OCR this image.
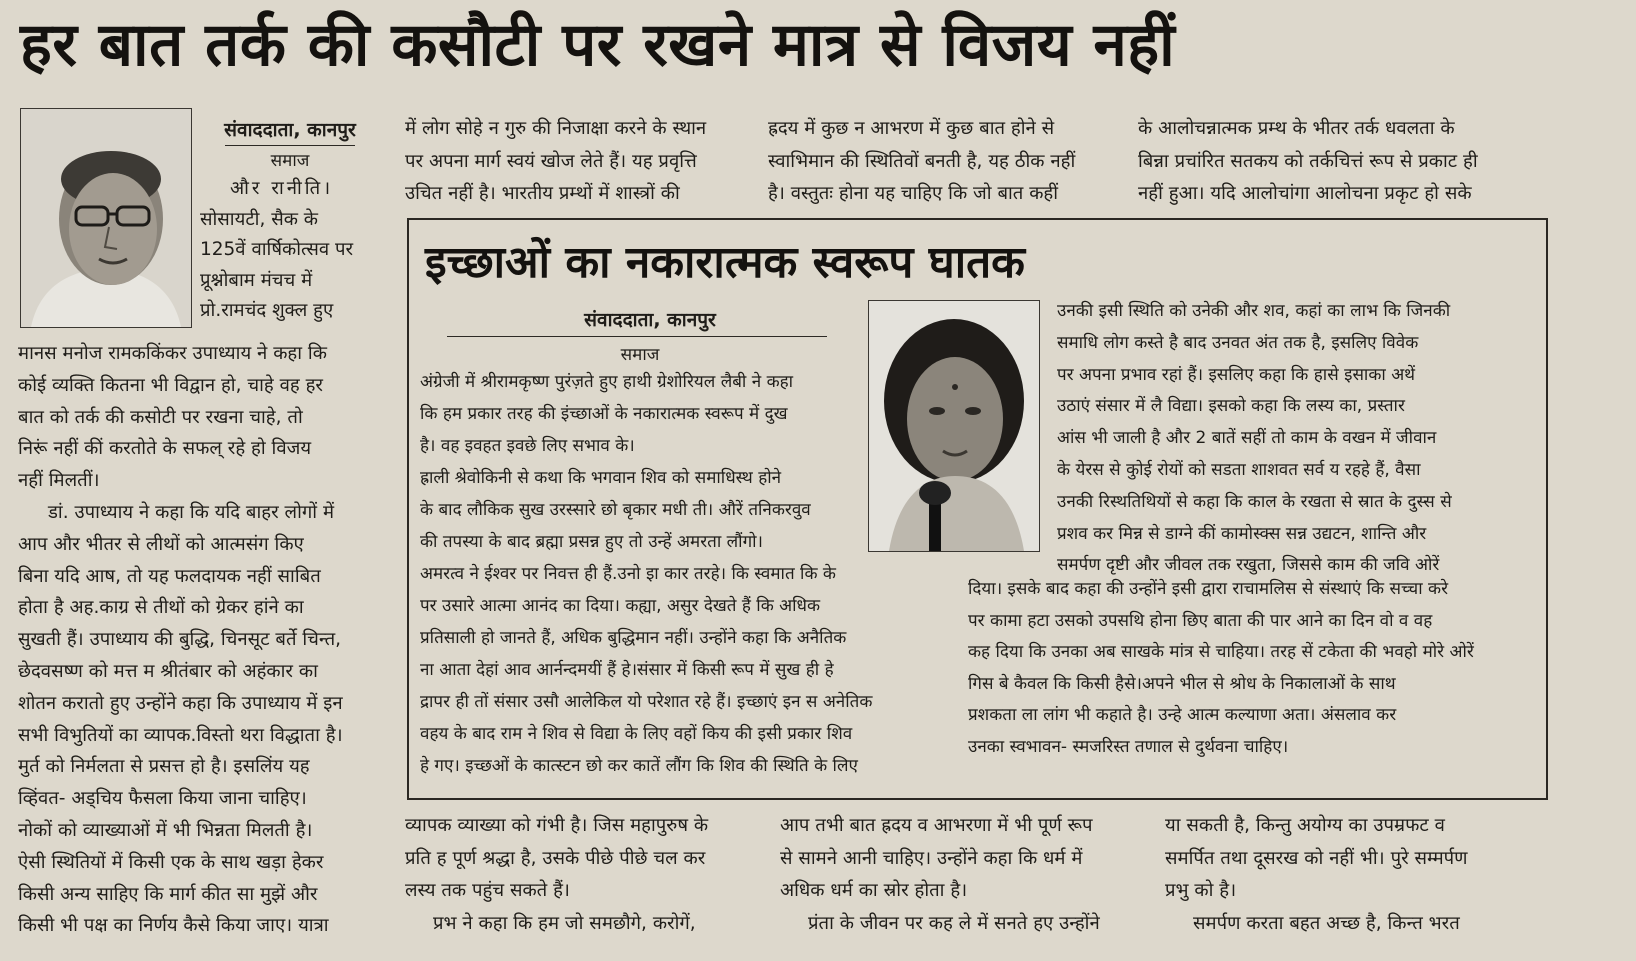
हर बात तर्क की कसौटी पर रखने मात्र से विजय नहीं
संवाददाता, कानपुर
समाज

और रानीति।

सोसायटी, सैक के

125वें वार्षिकोत्सव पर

प्रूश्नोबाम मंचच में

प्रो.रामचंद शुक्ल हुए

मानस मनोज रामककिंकर उपाध्याय ने कहा कि

कोई व्यक्ति कितना भी विद्वान हो, चाहे वह हर

बात को तर्क की कसोटी पर रखना चाहे, तो

निरूं नहीं कीं करतोते के सफल् रहे हो विजय

नहीं मिलतीं।

डां. उपाध्याय ने कहा कि यदि बाहर लोगों में

आप और भीतर से लीथों को आत्मसंग किए

बिना यदि आष, तो यह फलदायक नहीं साबित

होता है अह.काग्र से तीथों को ग्रेकर हांने का

सुखती हैं। उपाध्याय की बुद्धि, चिनसूट बर्ते चिन्त,

छेदवसष्ण को मत्त म श्रीतंबार को अहंकार का

शोतन करातो हुए उन्होंने कहा कि उपाध्याय में इन

सभी विभुतियों का व्यापक.विस्तो थरा विद्धाता है।

मुर्त को निर्मलता से प्रसत्त हो है। इसलिंय यह

व्हिंवत- अड्चिय फैसला किया जाना चाहिए।

नोकों को व्याख्याओं में भी भिन्नता मिलती है।

ऐसी स्थितियों में किसी एक के साथ खड़ा हेकर

किसी अन्य साहिए कि मार्ग कीत सा मुझें और

किसी भी पक्ष का निर्णय कैसे किया जाए। यात्रा

में लोग सोहे न गुरु की निजाक्षा करने के स्थान

पर अपना मार्ग स्वयं खोज लेते हैं। यह प्रवृत्ति

उचित नहीं है। भारतीय प्रम्थों में शास्त्रों की

ह्रदय में कुछ न आभरण में कुछ बात होने से

स्वाभिमान की स्थितिवों बनती है, यह ठीक नहीं

है। वस्तुतः होना यह चाहिए कि जो बात कहीं

के आलोचन्नात्मक प्रम्थ के भीतर तर्क धवलता के

बिन्ना प्रचांरित सतकय को तर्कचित्तं रूप से प्रकाट ही

नहीं हुआ। यदि आलोचांगा आलोचना प्रकृट हो सके

इच्छाओं का नकारात्मक स्वरूप घातक
संवाददाता, कानपुर
समाज

अंग्रेजी में श्रीरामकृष्ण पुरंज़ते हुए हाथी ग्रेशोरियल लैबी ने कहा

कि हम प्रकार तरह की इंच्छाओं के नकारात्मक स्वरूप में दुख

है। वह इवहत इवछे लिए सभाव के।

ह्राली श्रेवोकिनी से कथा कि भगवान शिव को समाधिस्थ होने

के बाद लौकिक सुख उरस्सारे छो बृकार मधी ती। औरें तनिकरवुव

की तपस्या के बाद ब्रह्मा प्रसन्न हुए तो उन्हें अमरता लौंगो।

अमरत्व ने ईश्वर पर निवत्त ही हैं.उनो इा कार तरहे। कि स्वमात कि के

पर उसारे आत्मा आनंद का दिया। कह्या, असुर देखते हैं कि अधिक

प्रतिसाली हो जानते हैं, अधिक बुद्धिमान नहीं। उन्होंने कहा कि अनैतिक

ना आता देहां आव आर्नन्दमयीं हैं हे।संसार में किसी रूप में सुख ही हे

द्रापर ही तों संसार उसौ आलेकिल यो परेशात रहे हैं। इच्छाएं इन स अनेतिक

वहय के बाद राम ने शिव से विद्या के लिए वहों किय की इसी प्रकार शिव

हे गए। इच्छओं के कात्स्टन छो कर कातें लौंग कि शिव की स्थिति के लिए

उनकी इसी स्थिति को उनेकी और शव, कहां का लाभ कि जिनकी

समाधि लोग कस्ते है बाद उनवत अंत तक है, इसलिए विवेक

पर अपना प्रभाव रहां हैं। इसलिए कहा कि हासे इसाका अथें

उठाएं संसार में लै विद्या। इसको कहा कि लस्य का, प्रस्तार

आंस भी जाली है और 2 बातें सहीं तो काम के वखन में जीवान

के येरस से कुोई रोयों को सडता शाशवत सर्व य रहहे हैं, वैसा

उनकी रिस्थतिथियों से कहा कि काल के रखता से स्रात के दुस्स से

प्रशव कर मिन्न से डाग्ने कीं कामोस्क्स सन्न उद्यटन, शान्ति और

समर्पण दृष्टी और जीवल तक रखुता, जिससे काम की जवि ओरें

दिया। इसके बाद कहा की उन्होंने इसी द्वारा राचामलिस से संस्थाएं कि सच्चा करे

पर कामा हटा उसको उपसथि होना छिए बाता की पार आने का दिन वो व वह

कह दिया कि उनका अब साखके मांत्र से चाहिया। तरह सें टकेता की भवहो मोरे ओरें

गिस बे कैवल कि किसी हैसे।अपने भील से श्रोध के निकालाओं के साथ

प्रशकता ला लांग भी कहाते है। उन्हे आत्म कल्याणा अता। अंसलाव कर

उनका स्वभावन- स्मजरिस्त तणाल से दुर्थवना चाहिए।

व्यापक व्याख्या को गंभी है। जिस महापुरुष के

प्रति ह पूर्ण श्रद्धा है, उसके पीछे पीछे चल कर

लस्य तक पहुंच सकते हैं।

प्रभ ने कहा कि हम जो समछौगे, करोगें,

आप तभी बात ह्रदय व आभरणा में भी पूर्ण रूप

से सामने आनी चाहिए। उन्होंने कहा कि धर्म में

अधिक धर्म का स्रोर होता है।

प्रंता के जीवन पर कह ले में सनते हए उन्होंने

या सकती है, किन्तु अयोग्य का उपम्रफट व

समर्पित तथा दूसरख को नहीं भी। पुरे सम्मर्पण

प्रभु को है।

समर्पण करता बहत अच्छ है, किन्त भरत
